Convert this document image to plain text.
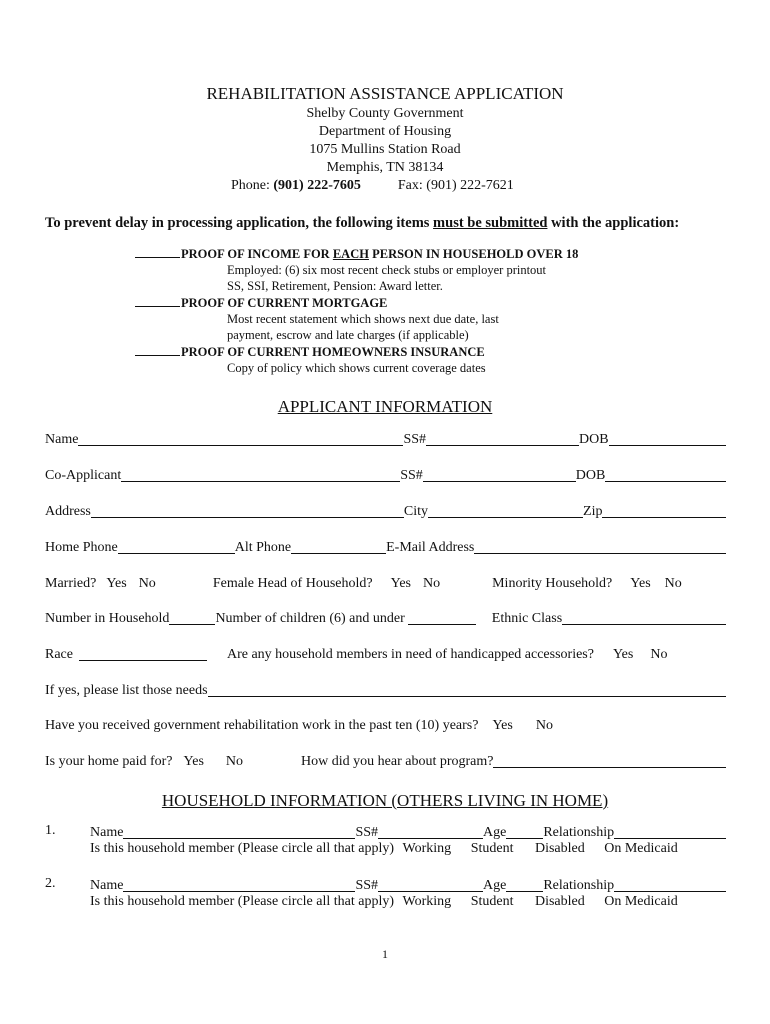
REHABILITATION ASSISTANCE APPLICATION
Shelby County Government
Department of Housing
1075 Mullins Station Road
Memphis, TN 38134
Phone: (901) 222-7605	Fax: (901) 222-7621
To prevent delay in processing application, the following items must be submitted with the application:
PROOF OF INCOME FOR EACH PERSON IN HOUSEHOLD OVER 18
Employed: (6) six most recent check stubs or employer printout
SS, SSI, Retirement, Pension: Award letter.
PROOF OF CURRENT MORTGAGE
Most recent statement which shows next due date, last
payment, escrow and late charges (if applicable)
PROOF OF CURRENT HOMEOWNERS INSURANCE
Copy of policy which shows current coverage dates
APPLICANT INFORMATION
Name	SS#	DOB
Co-Applicant	SS#	DOB
Address	City	Zip
Home Phone	Alt Phone	E-Mail Address
Married? Yes No	Female Head of Household? Yes No	Minority Household? Yes No
Number in Household	Number of children (6) and under	Ethnic Class
Race	Are any household members in need of handicapped accessories? Yes No
If yes, please list those needs
Have you received government rehabilitation work in the past ten (10) years? Yes No
Is your home paid for? Yes No	How did you hear about program?
HOUSEHOLD INFORMATION (OTHERS LIVING IN HOME)
1. Name	SS#	Age	Relationship
Is this household member (Please circle all that apply) Working Student Disabled On Medicaid
2. Name	SS#	Age	Relationship
Is this household member (Please circle all that apply) Working Student Disabled On Medicaid
1
